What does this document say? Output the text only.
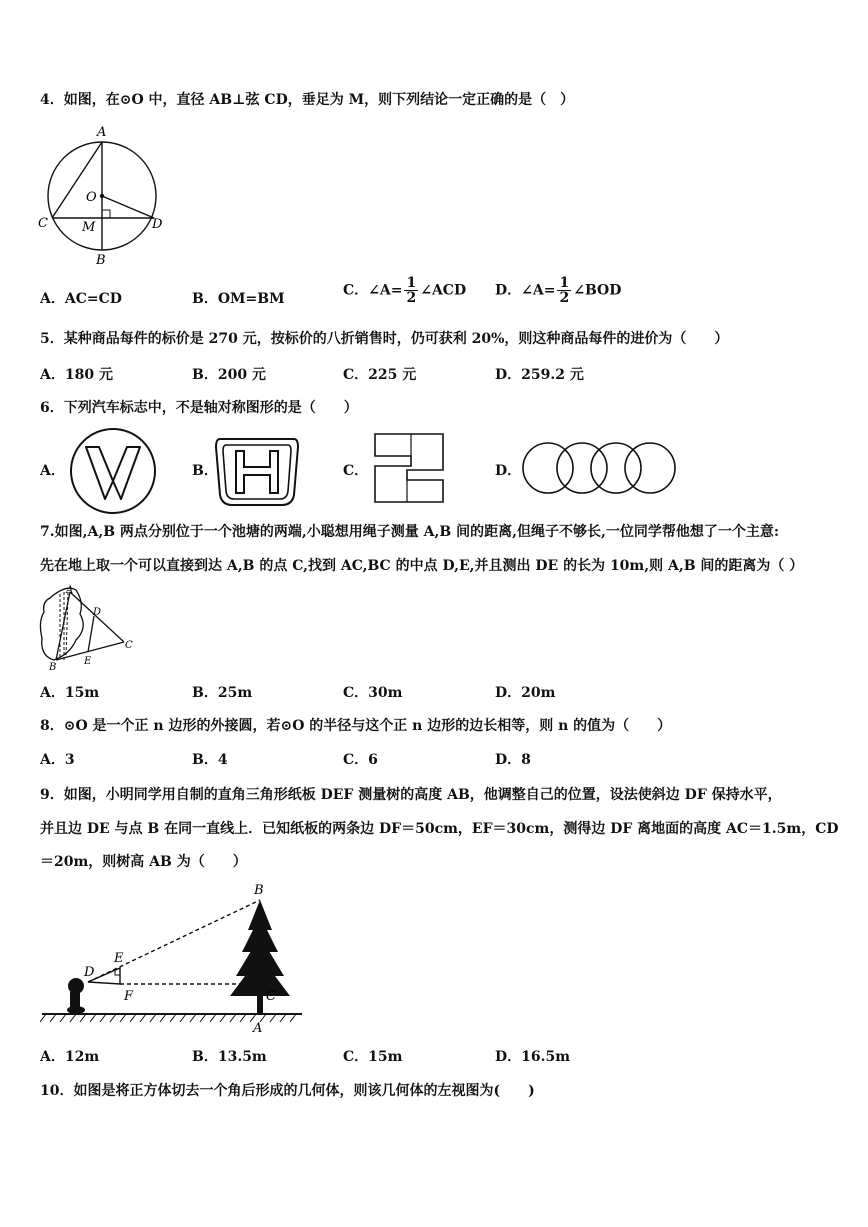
4．如图，在⊙O 中，直径 AB⊥弦 CD，垂足为 M，则下列结论一定正确的是（　）
A
O
C	M	D
B
A．AC=CD	B．OM=BM
C．∠A= $\frac{1}{2}$ ∠ACD D．∠A= $\frac{1}{2}$ ∠BOD
5．某种商品每件的标价是 270 元，按标价的八折销售时，仍可获利 20%，则这种商品每件的进价为（　　）
A．180 元	B．200 元	C．225 元	D．259.2 元
6．下列汽车标志中，不是轴对称图形的是（　　）
A．	B．	C．	D．
7.如图,A,B 两点分别位于一个池塘的两端,小聪想用绳子测量 A,B 间的距离,但绳子不够长,一位同学帮他想了一个主意:
先在地上取一个可以直接到达 A,B 的点 C,找到 AC,BC 的中点 D,E,并且测出 DE 的长为 10m,则 A,B 间的距离为（ ）
A
D
C
E
B
A．15m	B．25m	C．30m	D．20m
8．⊙O 是一个正 n 边形的外接圆，若⊙O 的半径与这个正 n 边形的边长相等，则 n 的值为（　　）
A．3	B．4	C．6	D．8
9．如图，小明同学用自制的直角三角形纸板 DEF 测量树的高度 AB，他调整自己的位置，设法使斜边 DF 保持水平，
并且边 DE 与点 B 在同一直线上．已知纸板的两条边 DF＝50cm，EF＝30cm，测得边 DF 离地面的高度 AC＝1.5m，CD
＝20m，则树高 AB 为（　　）
B
E
D
F	C
A
A．12m	B．13.5m	C．15m	D．16.5m
10．如图是将正方体切去一个角后形成的几何体，则该几何体的左视图为(　　)
